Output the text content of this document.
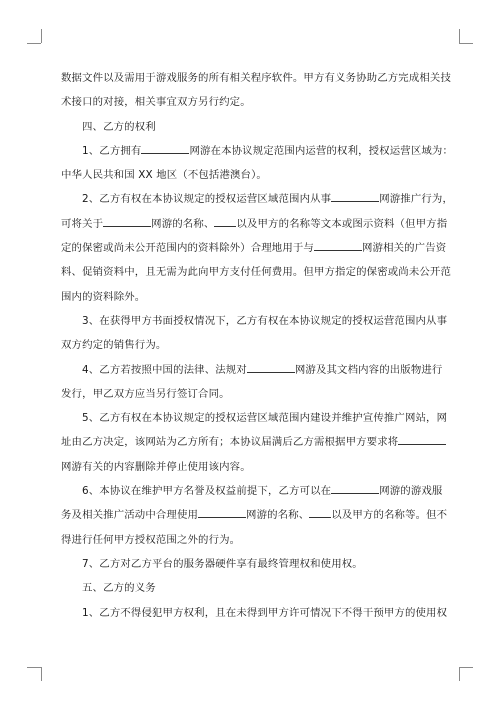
数据文件以及需用于游戏服务的所有相关程序软件。甲方有义务协助乙方完成相关技
术接口的对接，相关事宜双方另行约定。
四、乙方的权利
1、乙方拥有	网游在本协议规定范围内运营的权利，授权运营区域为：
中华人民共和国 XX 地区（不包括港澳台）。
2、乙方有权在本协议规定的授权运营区域范围内从事	网游推广行为，
可将关于	网游的名称、 以及甲方的名称等文本或图示资料（但甲方指
定的保密或尚未公开范围内的资料除外）合理地用于与	网游相关的广告资
料、促销资料中，且无需为此向甲方支付任何费用。但甲方指定的保密或尚未公开范
围内的资料除外。
3、在获得甲方书面授权情况下，乙方有权在本协议规定的授权运营范围内从事
双方约定的销售行为。
4、乙方若按照中国的法律、法规对	网游及其文档内容的出版物进行
发行，甲乙双方应当另行签订合同。
5、乙方有权在本协议规定的授权运营区域范围内建设并维护宣传推广网站，网
址由乙方决定，该网站为乙方所有；本协议届满后乙方需根据甲方要求将
网游有关的内容删除并停止使用该内容。
6、本协议在维护甲方名誉及权益前提下，乙方可以在	网游的游戏服
务及相关推广活动中合理使用	网游的名称、 以及甲方的名称等。但不
得进行任何甲方授权范围之外的行为。
7、乙方对乙方平台的服务器硬件享有最终管理权和使用权。
五、乙方的义务
1、乙方不得侵犯甲方权利，且在未得到甲方许可情况下不得干预甲方的使用权
